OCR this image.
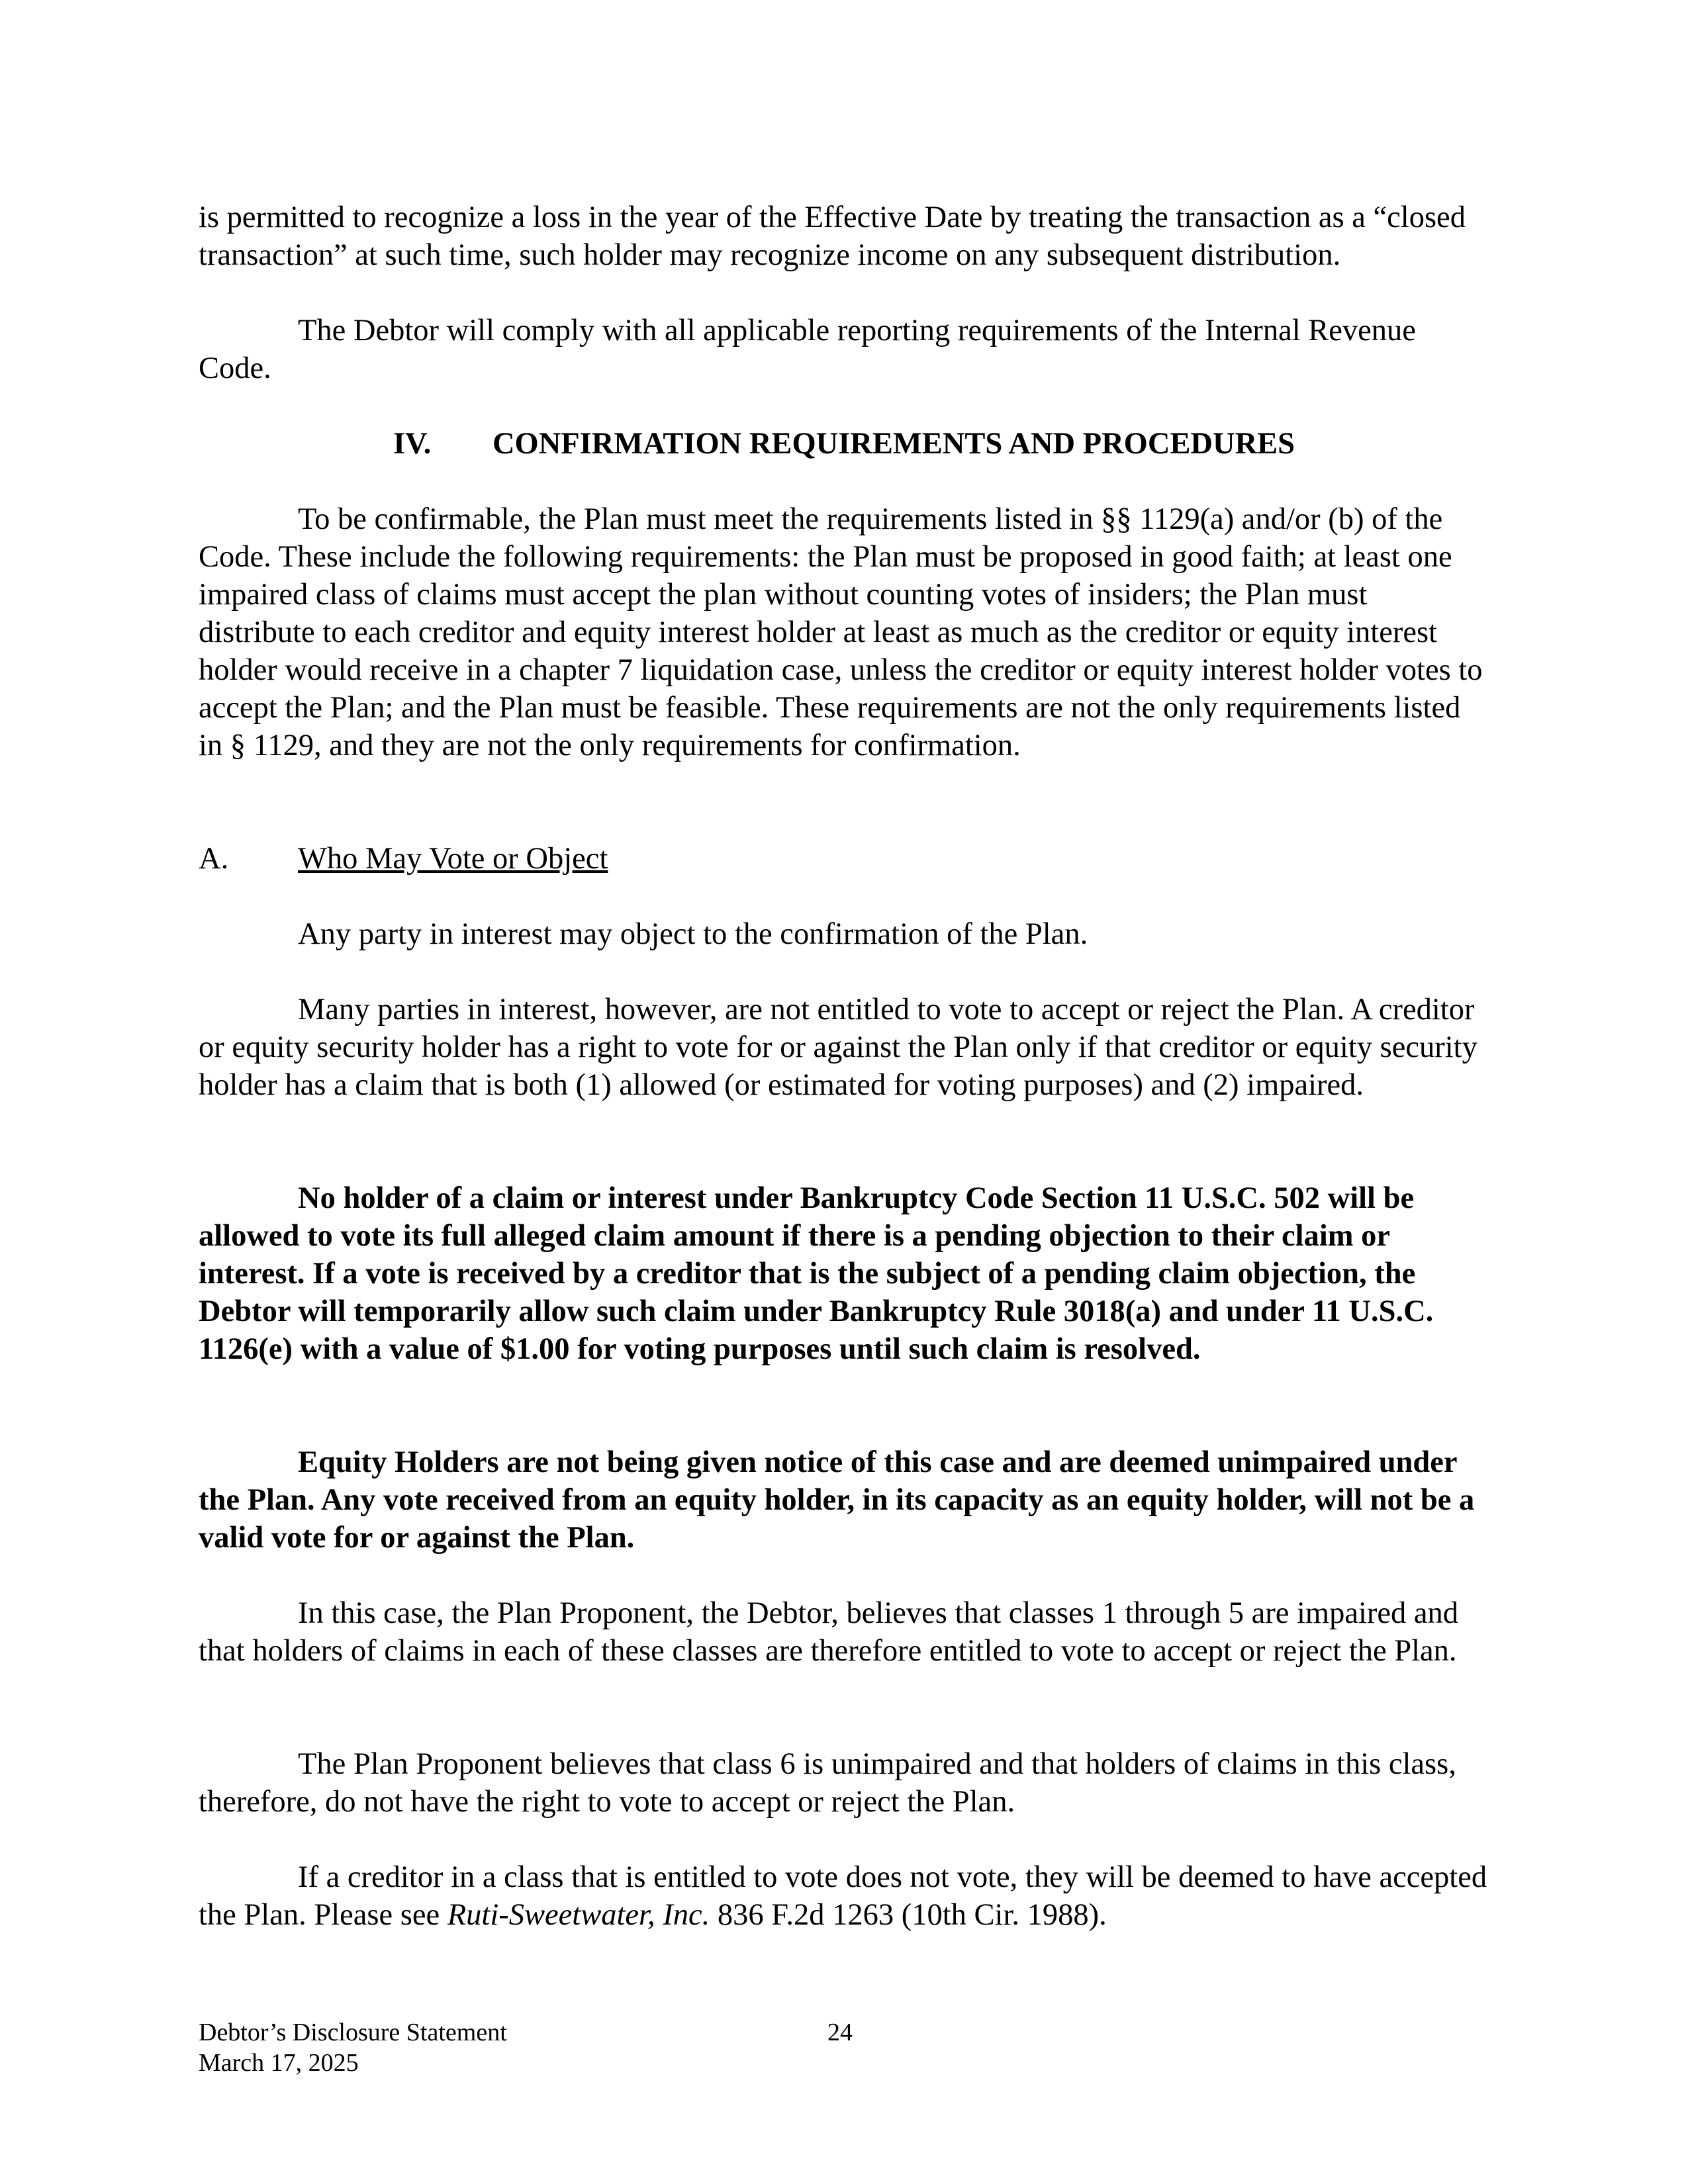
is permitted to recognize a loss in the year of the Effective Date by treating the transaction as a “closed transaction” at such time, such holder may recognize income on any subsequent distribution.

The Debtor will comply with all applicable reporting requirements of the Internal Revenue Code.

IV. CONFIRMATION REQUIREMENTS AND PROCEDURES

To be confirmable, the Plan must meet the requirements listed in §§ 1129(a) and/or (b) of the Code. These include the following requirements: the Plan must be proposed in good faith; at least one impaired class of claims must accept the plan without counting votes of insiders; the Plan must distribute to each creditor and equity interest holder at least as much as the creditor or equity interest holder would receive in a chapter 7 liquidation case, unless the creditor or equity interest holder votes to accept the Plan; and the Plan must be feasible. These requirements are not the only requirements listed in § 1129, and they are not the only requirements for confirmation.

A. Who May Vote or Object

Any party in interest may object to the confirmation of the Plan.

Many parties in interest, however, are not entitled to vote to accept or reject the Plan. A creditor or equity security holder has a right to vote for or against the Plan only if that creditor or equity security holder has a claim that is both (1) allowed (or estimated for voting purposes) and (2) impaired.

No holder of a claim or interest under Bankruptcy Code Section 11 U.S.C. 502 will be allowed to vote its full alleged claim amount if there is a pending objection to their claim or interest. If a vote is received by a creditor that is the subject of a pending claim objection, the Debtor will temporarily allow such claim under Bankruptcy Rule 3018(a) and under 11 U.S.C. 1126(e) with a value of $1.00 for voting purposes until such claim is resolved.

Equity Holders are not being given notice of this case and are deemed unimpaired under the Plan. Any vote received from an equity holder, in its capacity as an equity holder, will not be a valid vote for or against the Plan.

In this case, the Plan Proponent, the Debtor, believes that classes 1 through 5 are impaired and that holders of claims in each of these classes are therefore entitled to vote to accept or reject the Plan.

The Plan Proponent believes that class 6 is unimpaired and that holders of claims in this class, therefore, do not have the right to vote to accept or reject the Plan.

If a creditor in a class that is entitled to vote does not vote, they will be deemed to have accepted the Plan. Please see Ruti-Sweetwater, Inc. 836 F.2d 1263 (10th Cir. 1988).

Debtor’s Disclosure Statement
March 17, 2025
24
